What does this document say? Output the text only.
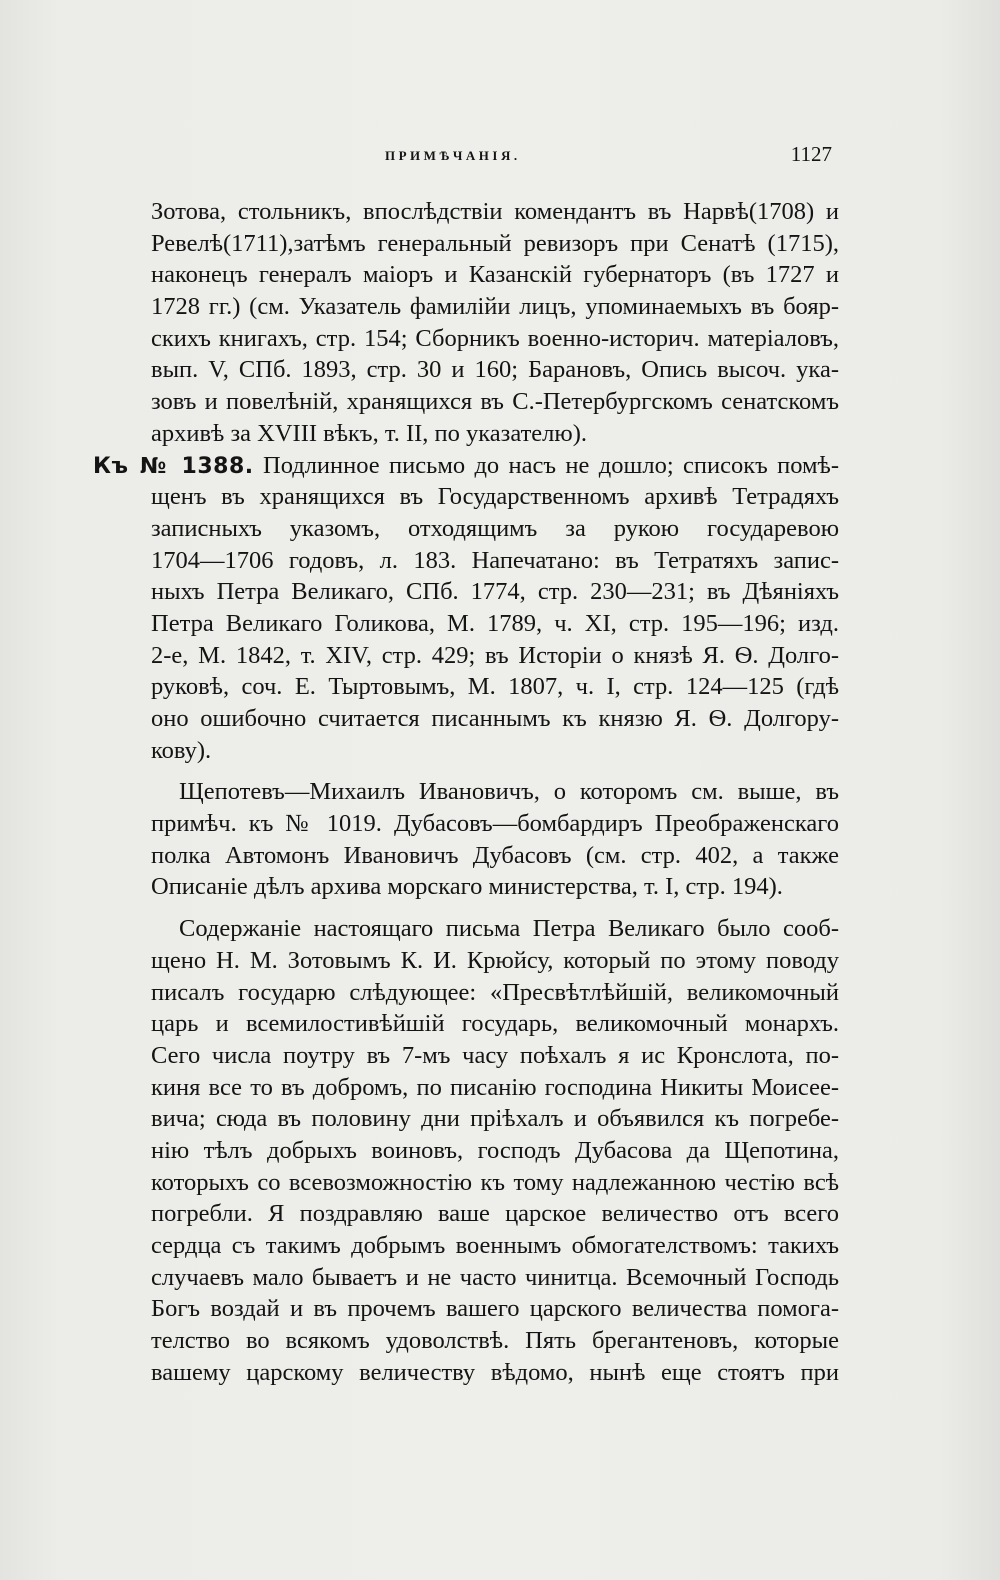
ПРИМѢЧАНІЯ.	1127
Зотова, стольникъ, впослѣдствіи комендантъ въ Нарвѣ(1708) и
Ревелѣ(1711),затѣмъ генеральный ревизоръ при Сенатѣ (1715),
наконецъ генералъ маіоръ и Казанскій губернаторъ (въ 1727 и
1728 гг.) (см. Указатель фамилійи лицъ, упоминаемыхъ въ бояр-
скихъ книгахъ, стр. 154; Сборникъ военно-историч. матеріаловъ,
вып. V, СПб. 1893, стр. 30 и 160; Барановъ, Опись высоч. ука-
зовъ и повелѣній, хранящихся въ С.-Петербургскомъ сенатскомъ
архивѣ за XVIII вѣкъ, т. II, по указателю).
Къ № 1388. Подлинное письмо до насъ не дошло; списокъ помѣ-
щенъ въ хранящихся въ Государственномъ архивѣ Тетрадяхъ
записныхъ указомъ, отходящимъ за рукою государевою
1704—1706 годовъ, л. 183. Напечатано: въ Тетратяхъ запис-
ныхъ Петра Великаго, СПб. 1774, стр. 230—231; въ Дѣяніяхъ
Петра Великаго Голикова, М. 1789, ч. XI, стр. 195—196; изд.
2-е, М. 1842, т. XIV, стр. 429; въ Исторіи о князѣ Я. Ѳ. Долго-
руковѣ, соч. Е. Тыртовымъ, М. 1807, ч. I, стр. 124—125 (гдѣ
оно ошибочно считается писаннымъ къ князю Я. Ѳ. Долгору-
кову).
Щепотевъ—Михаилъ Ивановичъ, о которомъ см. выше, въ
примѣч. къ № 1019. Дубасовъ—бомбардиръ Преображенскаго
полка Автомонъ Ивановичъ Дубасовъ (см. стр. 402, а также
Описаніе дѣлъ архива морскаго министерства, т. I, стр. 194).
Содержаніе настоящаго письма Петра Великаго было сооб-
щено Н. М. Зотовымъ К. И. Крюйсу, который по этому поводу
писалъ государю слѣдующее: «Пресвѣтлѣйшій, великомочный
царь и всемилостивѣйшій государь, великомочный монархъ.
Сего числа поутру въ 7-мъ часу поѣхалъ я ис Кронслота, по-
киня все то въ добромъ, по писанію господина Никиты Моисее-
вича; сюда въ половину дни пріѣхалъ и объявился къ погребе-
нію тѣлъ добрыхъ воиновъ, господъ Дубасова да Щепотина,
которыхъ со всевозможностію къ тому надлежанною честію всѣ
погребли. Я поздравляю ваше царское величество отъ всего
сердца съ такимъ добрымъ военнымъ обмогателствомъ: такихъ
случаевъ мало бываетъ и не часто чинитца. Всемочный Господь
Богъ воздай и въ прочемъ вашего царского величества помога-
телство во всякомъ удоволствѣ. Пять брегантеновъ, которые
вашему царскому величеству вѣдомо, нынѣ еще стоятъ при
